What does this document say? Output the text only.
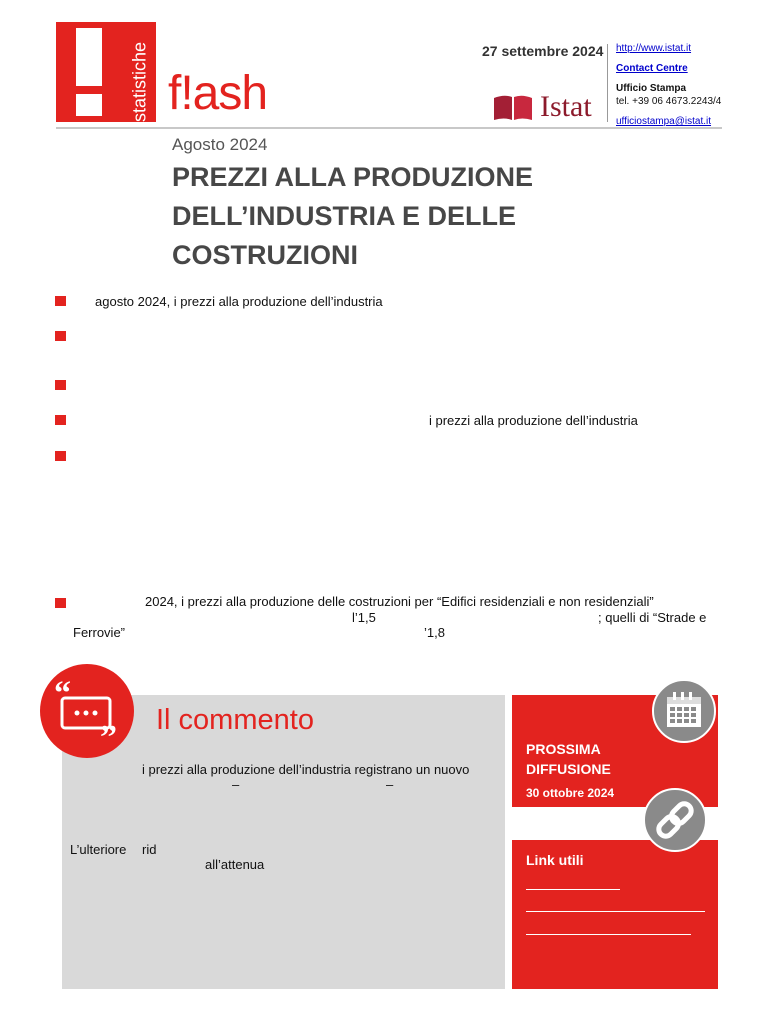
statistiche f!ash
27 settembre 2024
Istat
http://www.istat.it
Contact Centre
Ufficio Stampa
tel. +39 06 4673.2243/4
ufficiostampa@istat.it
Agosto 2024
PREZZI ALLA PRODUZIONE
DELL’INDUSTRIA E DELLE
COSTRUZIONI
agosto 2024, i prezzi alla produzione dell’industria
i prezzi alla produzione dell’industria
2024, i prezzi alla produzione delle costruzioni per “Edifici residenziali e non residenziali”
l’1,5	; quelli di “Strade e
Ferrovie”	’1,8
“
” Il commento
i prezzi alla produzione dell’industria registrano un nuovo
–	–
L’ulteriore rid
all’attenua
PROSSIMA
DIFFUSIONE
30 ottobre 2024
Link utili
